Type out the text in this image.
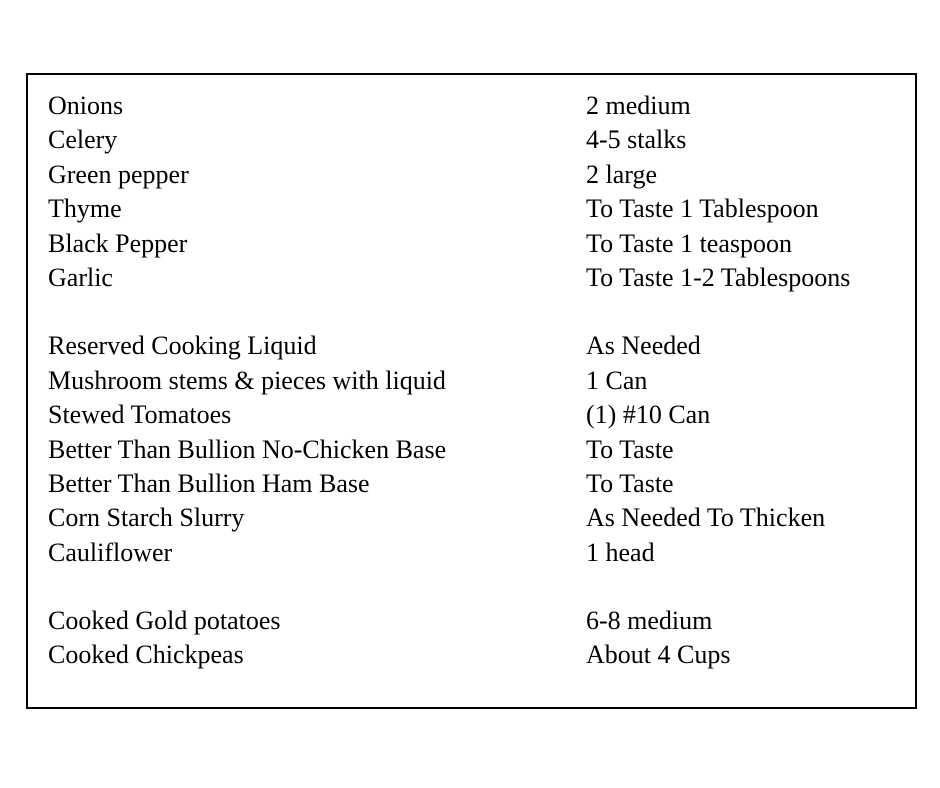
Onions	2 medium
Celery	4-5 stalks
Green pepper	2 large
Thyme	To Taste 1 Tablespoon
Black Pepper	To Taste 1 teaspoon
Garlic	To Taste 1-2 Tablespoons
Reserved Cooking Liquid	As Needed
Mushroom stems & pieces with liquid	1 Can
Stewed Tomatoes	(1) #10 Can
Better Than Bullion No-Chicken Base	To Taste
Better Than Bullion Ham Base	To Taste
Corn Starch Slurry	As Needed To Thicken
Cauliflower	1 head
Cooked Gold potatoes	6-8 medium
Cooked Chickpeas	About 4 Cups
